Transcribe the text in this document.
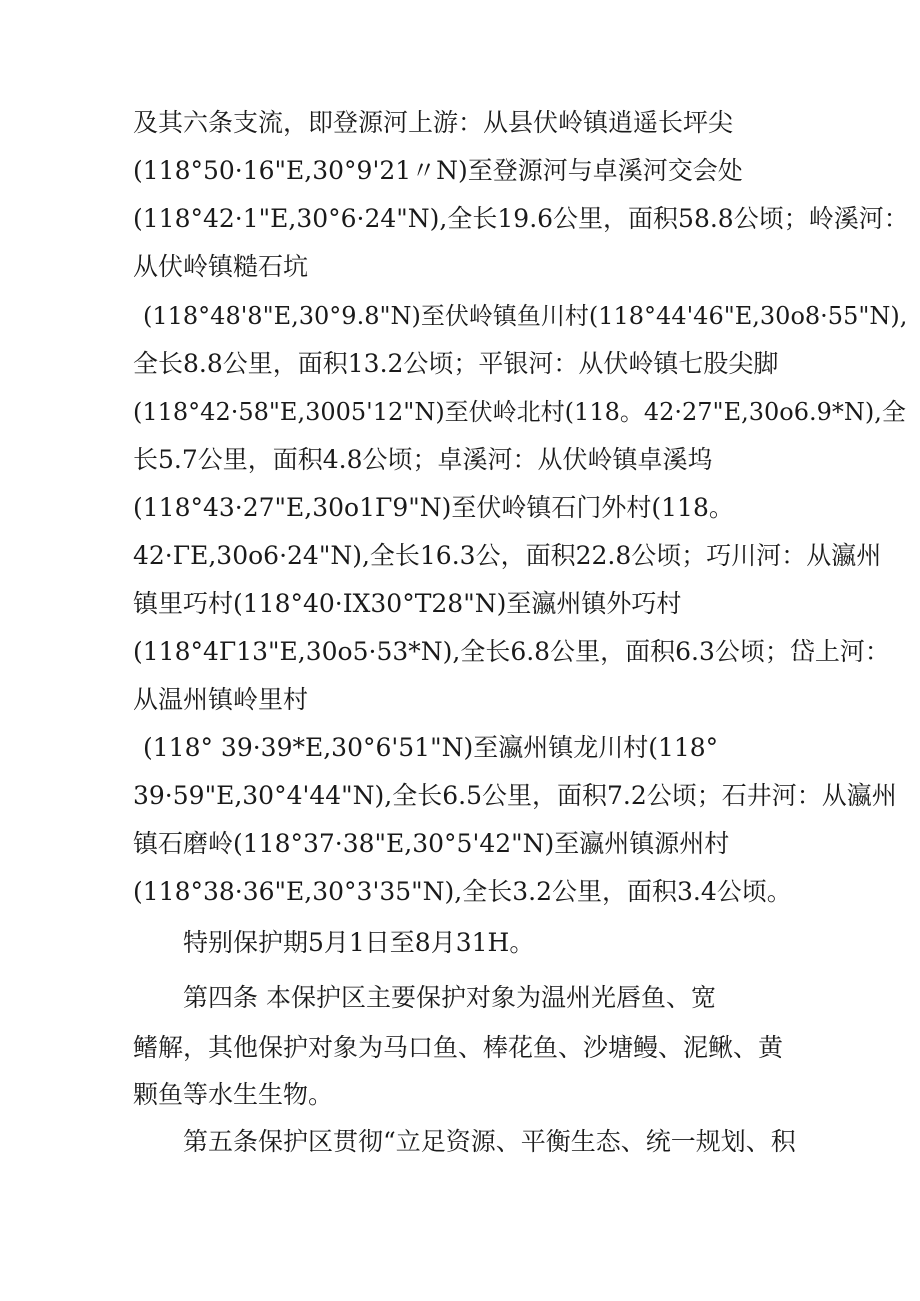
及其六条支流，即登源河上游：从县伏岭镇逍遥长坪尖
(118°50·16"E,30°9'21〃N)至登源河与卓溪河交会处
(118°42·1"E,30°6·24"N),全长19.6公里，面积58.8公顷；岭溪河：
从伏岭镇糙石坑
(118°48'8"E,30°9.8"N)至伏岭镇鱼川村(118°44'46"E,30o8·55"N),
全长8.8公里，面积13.2公顷；平银河：从伏岭镇七股尖脚
(118°42·58"E,3005'12"N)至伏岭北村(118。42·27"E,30o6.9*N),全
长5.7公里，面积4.8公顷；卓溪河：从伏岭镇卓溪坞
(118°43·27"E,30o1Γ9"N)至伏岭镇石门外村(118。
42·ΓE,30o6·24"N),全长16.3公，面积22.8公顷；巧川河：从瀛州
镇里巧村(118°40·IX30°T28"N)至瀛州镇外巧村
(118°4Γ13"E,30o5·53*N),全长6.8公里，面积6.3公顷；岱上河：
从温州镇岭里村
(118° 39·39*E,30°6'51"N)至瀛州镇龙川村(118°
39·59"E,30°4'44"N),全长6.5公里，面积7.2公顷；石井河：从瀛州
镇石磨岭(118°37·38"E,30°5'42"N)至瀛州镇源州村
(118°38·36"E,30°3'35"N),全长3.2公里，面积3.4公顷。
特别保护期5月1日至8月31H。
第四条 本保护区主要保护对象为温州光唇鱼、宽
鳍解，其他保护对象为马口鱼、棒花鱼、沙塘鳗、泥鳅、黄
颗鱼等水生生物。
第五条保护区贯彻“立足资源、平衡生态、统一规划、积
